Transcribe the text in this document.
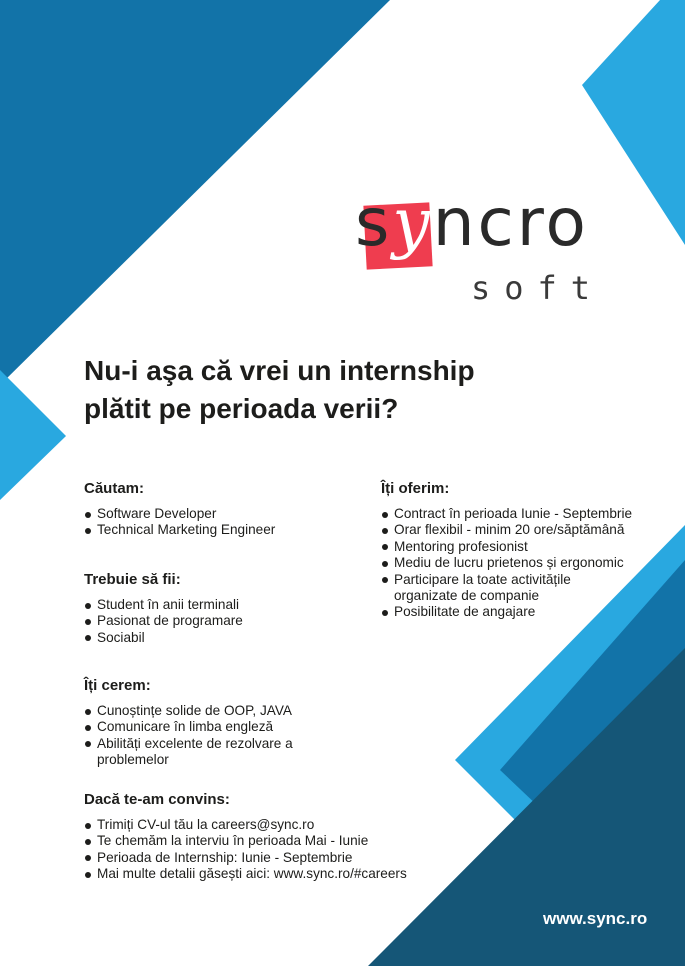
syncro
soft
Nu-i aşa că vrei un internship
plătit pe perioada verii?
Căutam:
Software Developer
Technical Marketing Engineer
Trebuie să fii:
Student în anii terminali
Pasionat de programare
Sociabil
Îți cerem:
Cunoștințe solide de OOP, JAVA
Comunicare în limba engleză
Abilități excelente de rezolvare a problemelor
Dacă te-am convins:
Trimiți CV-ul tău la careers@sync.ro
Te chemăm la interviu în perioada Mai - Iunie
Perioada de Internship: Iunie - Septembrie
Mai multe detalii găsești aici: www.sync.ro/#careers
Îți oferim:
Contract în perioada Iunie - Septembrie
Orar flexibil - minim 20 ore/săptămână
Mentoring profesionist
Mediu de lucru prietenos și ergonomic
Participare la toate activitățile organizate de companie
Posibilitate de angajare
www.sync.ro
